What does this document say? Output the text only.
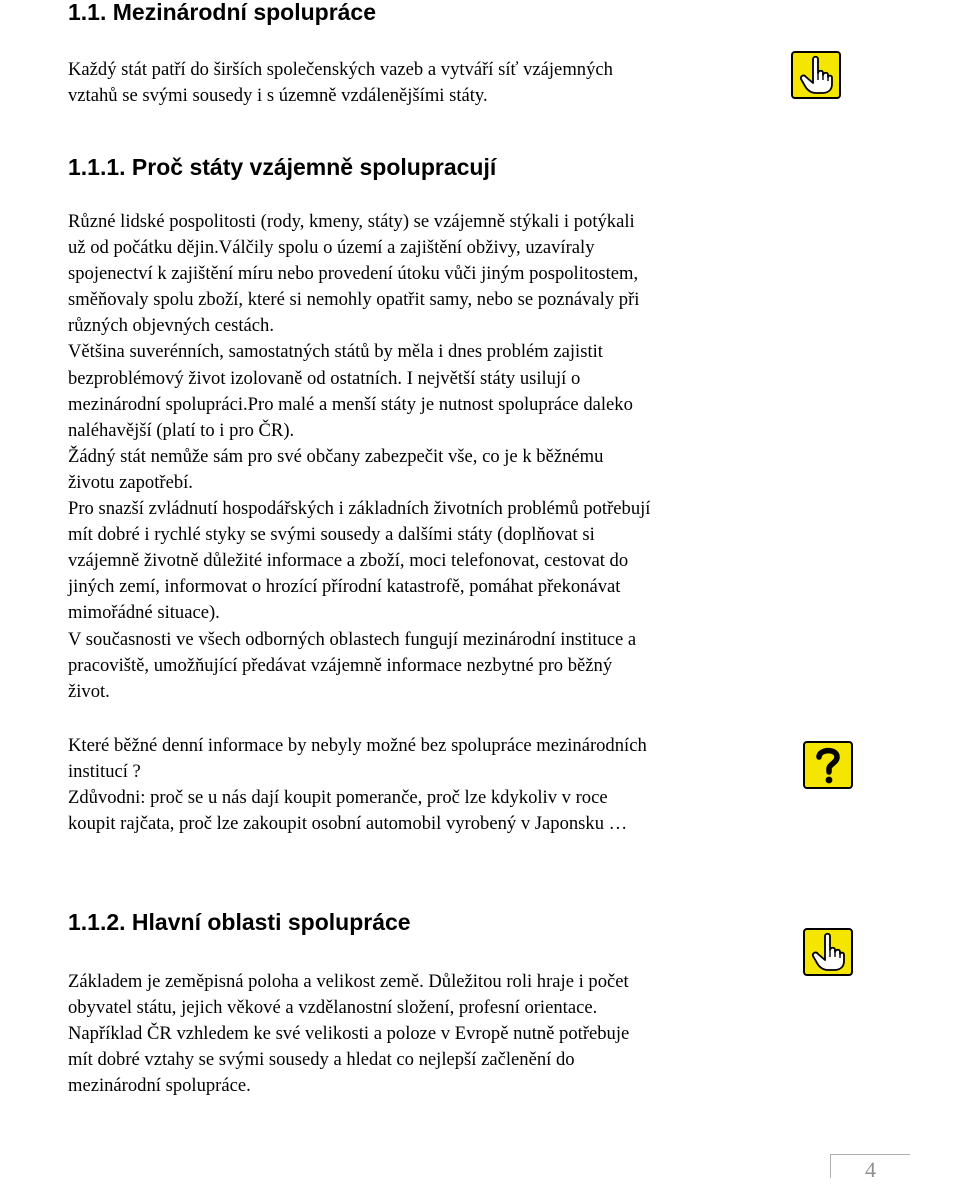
1.1. Mezinárodní spolupráce
Každý stát patří do širších společenských vazeb a vytváří síť vzájemných
vztahů se svými sousedy i s územně vzdálenějšími státy.
1.1.1. Proč státy vzájemně spolupracují
Různé lidské pospolitosti (rody, kmeny, státy) se vzájemně stýkali i potýkali
už od počátku dějin.Válčily spolu o území a zajištění obživy, uzavíraly
spojenectví k zajištění míru nebo provedení útoku vůči jiným pospolitostem,
směňovaly spolu zboží, které si nemohly opatřit samy, nebo se poznávaly při
různých objevných cestách.
Většina suverénních, samostatných států by měla i dnes problém zajistit
bezproblémový život izolovaně od ostatních. I největší státy usilují o
mezinárodní spolupráci.Pro malé a menší státy je nutnost spolupráce daleko
naléhavější (platí to i pro ČR).
Žádný stát nemůže sám pro své občany zabezpečit vše, co je k běžnému
životu zapotřebí.
Pro snazší zvládnutí hospodářských i základních životních problémů potřebují
mít dobré i rychlé styky se svými sousedy a dalšími státy (doplňovat si
vzájemně životně důležité informace a zboží, moci telefonovat, cestovat do
jiných zemí, informovat o hrozící přírodní katastrofě, pomáhat překonávat
mimořádné situace).
V současnosti ve všech odborných oblastech fungují mezinárodní instituce a
pracoviště, umožňující předávat vzájemně informace nezbytné pro běžný
život.
Které běžné denní informace by nebyly možné bez spolupráce mezinárodních
institucí ?
Zdůvodni: proč se u nás dají koupit pomeranče, proč lze kdykoliv v roce
koupit rajčata, proč lze zakoupit osobní automobil vyrobený v Japonsku …
1.1.2. Hlavní oblasti spolupráce
Základem je zeměpisná poloha a velikost země. Důležitou roli hraje i počet
obyvatel státu, jejich věkové a vzdělanostní složení, profesní orientace.
Například ČR vzhledem ke své velikosti a poloze v Evropě nutně potřebuje
mít dobré vztahy se svými sousedy a hledat co nejlepší začlenění do
mezinárodní spolupráce.
4
